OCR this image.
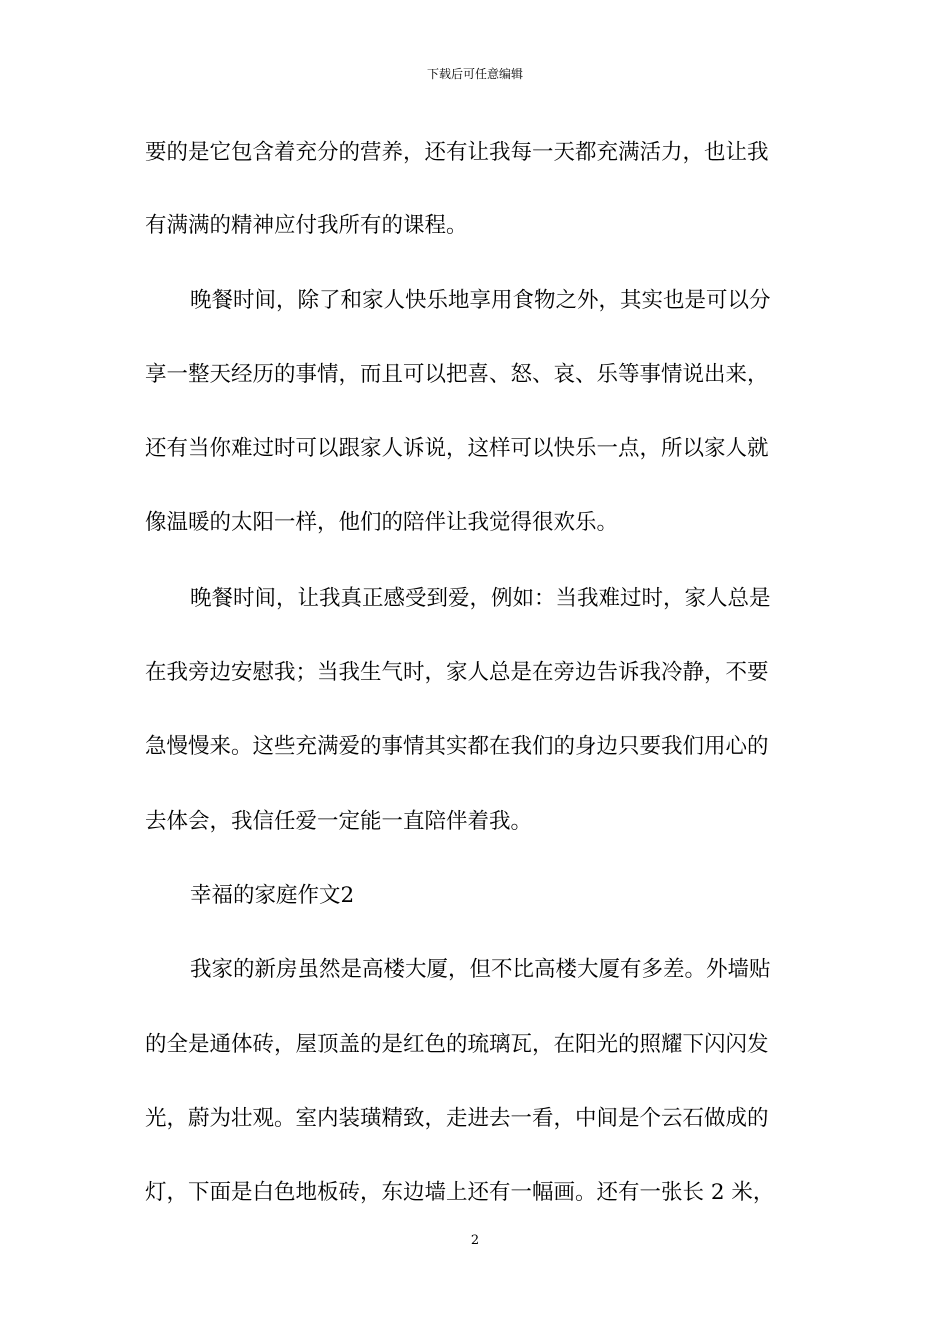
下载后可任意编辑
要的是它包含着充分的营养，还有让我每一天都充满活力，也让我
有满满的精神应付我所有的课程。
晚餐时间，除了和家人快乐地享用食物之外，其实也是可以分
享一整天经历的事情，而且可以把喜、怒、哀、乐等事情说出来，
还有当你难过时可以跟家人诉说，这样可以快乐一点，所以家人就
像温暖的太阳一样，他们的陪伴让我觉得很欢乐。
晚餐时间，让我真正感受到爱，例如：当我难过时，家人总是
在我旁边安慰我；当我生气时，家人总是在旁边告诉我冷静，不要
急慢慢来。这些充满爱的事情其实都在我们的身边只要我们用心的
去体会，我信任爱一定能一直陪伴着我。
幸福的家庭作文2
我家的新房虽然是高楼大厦，但不比高楼大厦有多差。外墙贴
的全是通体砖，屋顶盖的是红色的琉璃瓦，在阳光的照耀下闪闪发
光，蔚为壮观。室内装璜精致，走进去一看，中间是个云石做成的
灯，下面是白色地板砖，东边墙上还有一幅画。还有一张长 2 米，
2
